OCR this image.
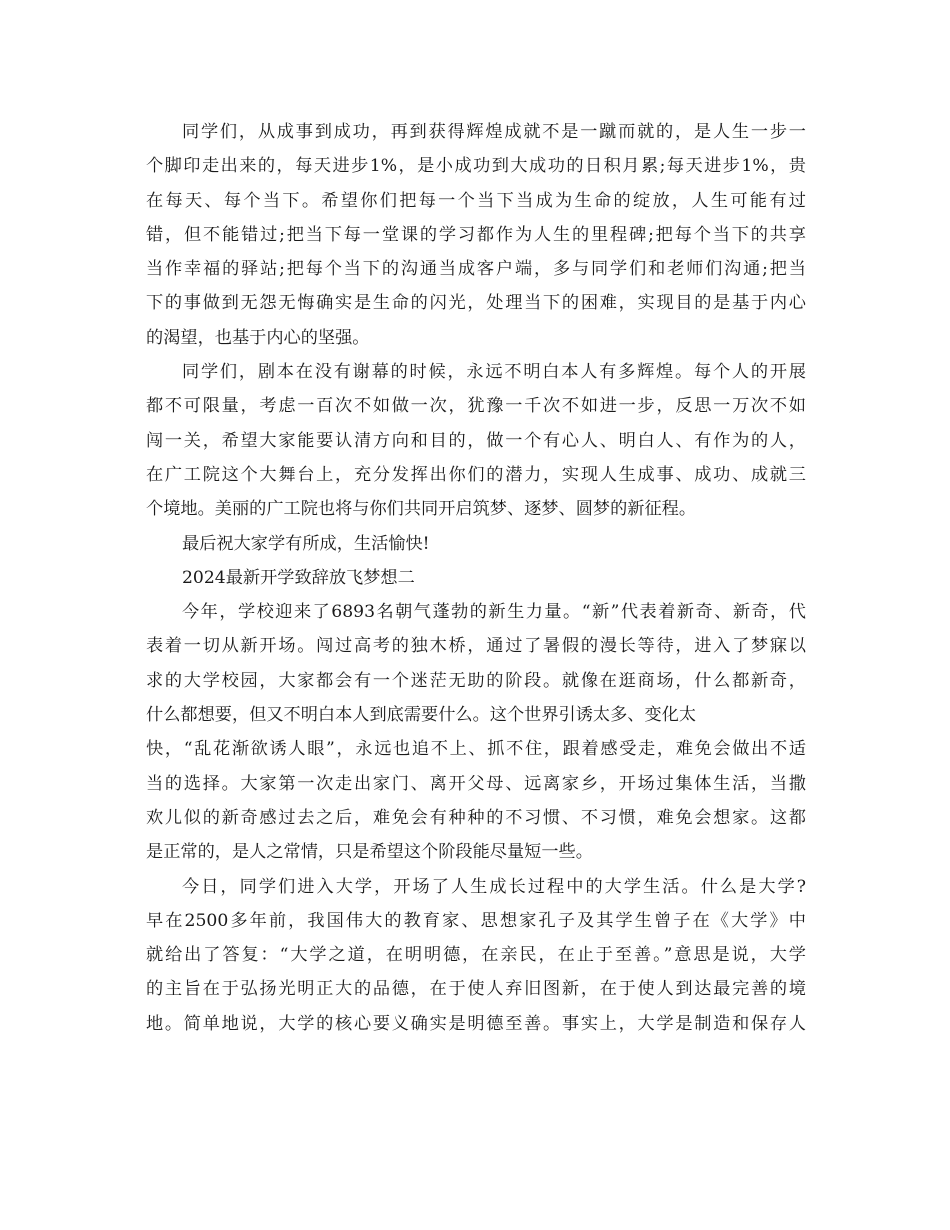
同学们，从成事到成功，再到获得辉煌成就不是一蹴而就的，是人生一步一
个脚印走出来的，每天进步1%，是小成功到大成功的日积月累;每天进步1%，贵
在每天、每个当下。希望你们把每一个当下当成为生命的绽放，人生可能有过
错，但不能错过;把当下每一堂课的学习都作为人生的里程碑;把每个当下的共享
当作幸福的驿站;把每个当下的沟通当成客户端，多与同学们和老师们沟通;把当
下的事做到无怨无悔确实是生命的闪光，处理当下的困难，实现目的是基于内心
的渴望，也基于内心的坚强。
同学们，剧本在没有谢幕的时候，永远不明白本人有多辉煌。每个人的开展
都不可限量，考虑一百次不如做一次，犹豫一千次不如进一步，反思一万次不如
闯一关，希望大家能要认清方向和目的，做一个有心人、明白人、有作为的人，
在广工院这个大舞台上，充分发挥出你们的潜力，实现人生成事、成功、成就三
个境地。美丽的广工院也将与你们共同开启筑梦、逐梦、圆梦的新征程。
最后祝大家学有所成，生活愉快!
2024最新开学致辞放飞梦想二
今年，学校迎来了6893名朝气蓬勃的新生力量。“新”代表着新奇、新奇，代
表着一切从新开场。闯过高考的独木桥，通过了暑假的漫长等待，进入了梦寐以
求的大学校园，大家都会有一个迷茫无助的阶段。就像在逛商场，什么都新奇，
什么都想要，但又不明白本人到底需要什么。这个世界引诱太多、变化太
快，“乱花渐欲诱人眼”，永远也追不上、抓不住，跟着感受走，难免会做出不适
当的选择。大家第一次走出家门、离开父母、远离家乡，开场过集体生活，当撒
欢儿似的新奇感过去之后，难免会有种种的不习惯、不习惯，难免会想家。这都
是正常的，是人之常情，只是希望这个阶段能尽量短一些。
今日，同学们进入大学，开场了人生成长过程中的大学生活。什么是大学?
早在2500多年前，我国伟大的教育家、思想家孔子及其学生曾子在《大学》中
就给出了答复：“大学之道，在明明德，在亲民，在止于至善。”意思是说，大学
的主旨在于弘扬光明正大的品德，在于使人弃旧图新，在于使人到达最完善的境
地。简单地说，大学的核心要义确实是明德至善。事实上，大学是制造和保存人
